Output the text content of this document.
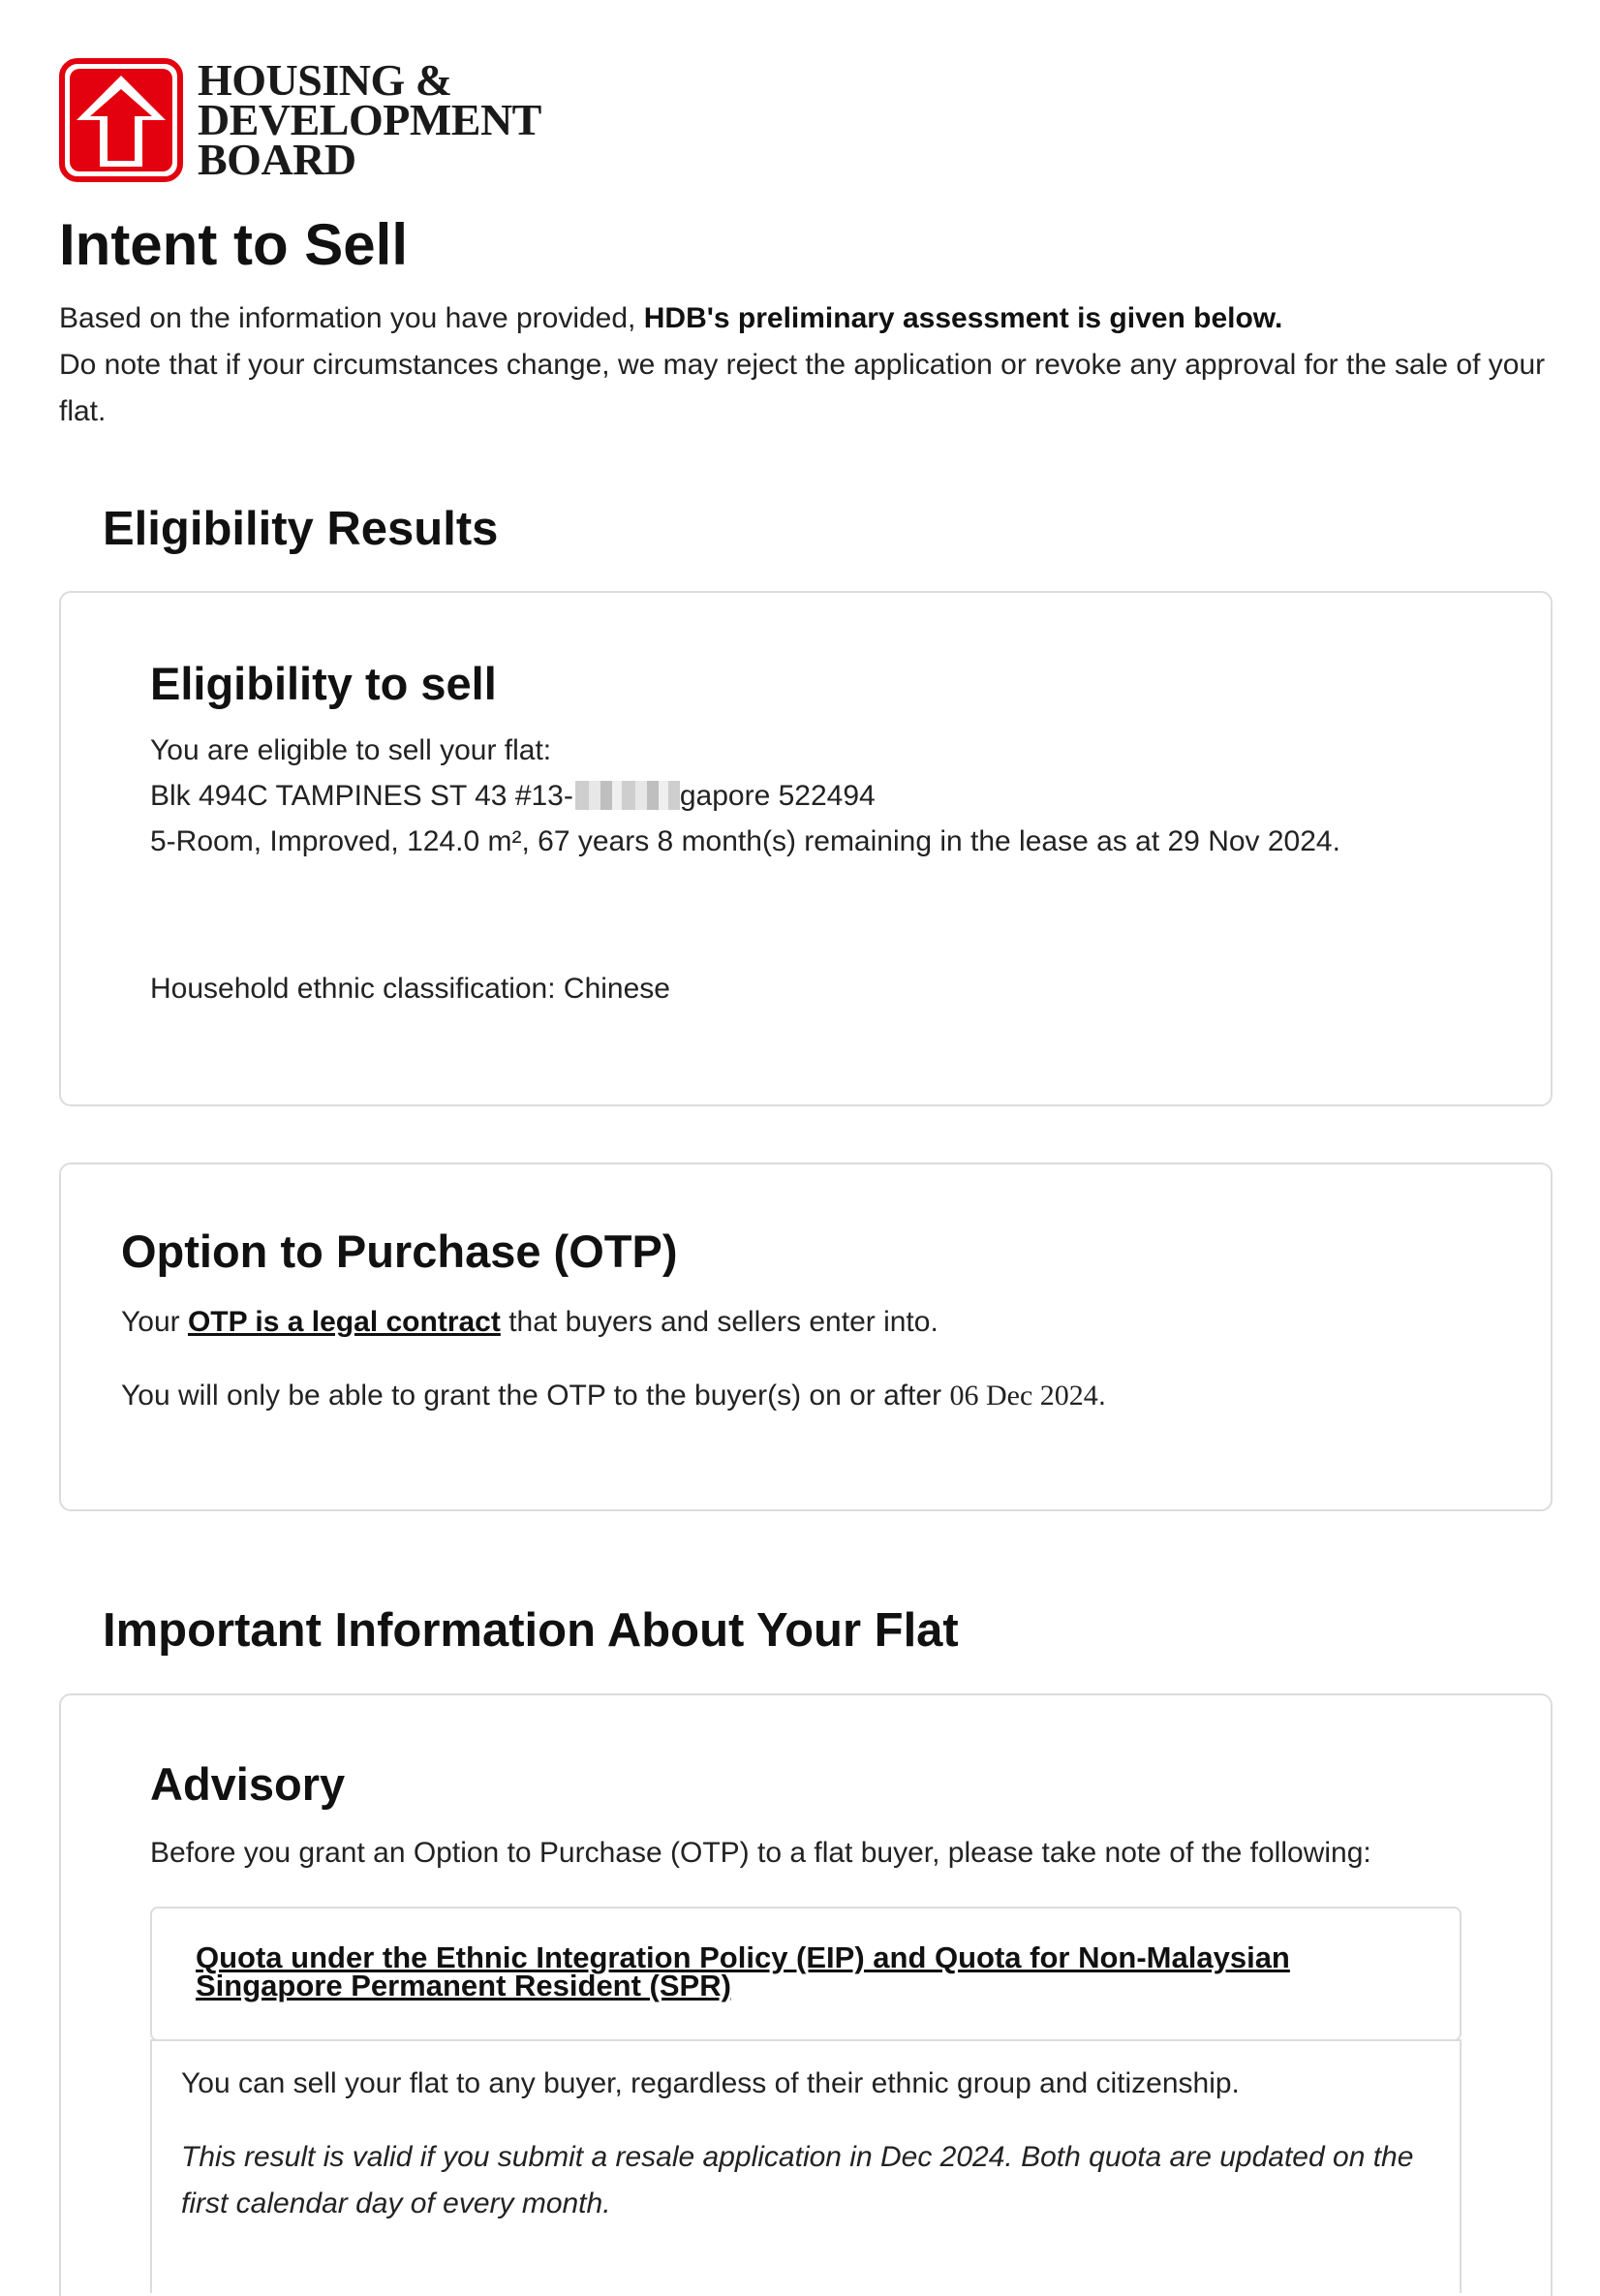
HOUSING &
DEVELOPMENT
BOARD
Intent to Sell
Based on the information you have provided, HDB's preliminary assessment is given below.
Do note that if your circumstances change, we may reject the application or revoke any approval for the sale of your flat.
Eligibility Results
Eligibility to sell

You are eligible to sell your flat:

Blk 494C TAMPINES ST 43 #13-	gapore 522494

5-Room, Improved, 124.0 m², 67 years 8 month(s) remaining in the lease as at 29 Nov 2024.

Household ethnic classification: Chinese

Option to Purchase (OTP)

Your OTP is a legal contract that buyers and sellers enter into.

You will only be able to grant the OTP to the buyer(s) on or after 06 Dec 2024.

Important Information About Your Flat
Advisory

Before you grant an Option to Purchase (OTP) to a flat buyer, please take note of the following:

Quota under the Ethnic Integration Policy (EIP) and Quota for Non-Malaysian Singapore Permanent Resident (SPR)

You can sell your flat to any buyer, regardless of their ethnic group and citizenship.

This result is valid if you submit a resale application in Dec 2024. Both quota are updated on the first calendar day of every month.
